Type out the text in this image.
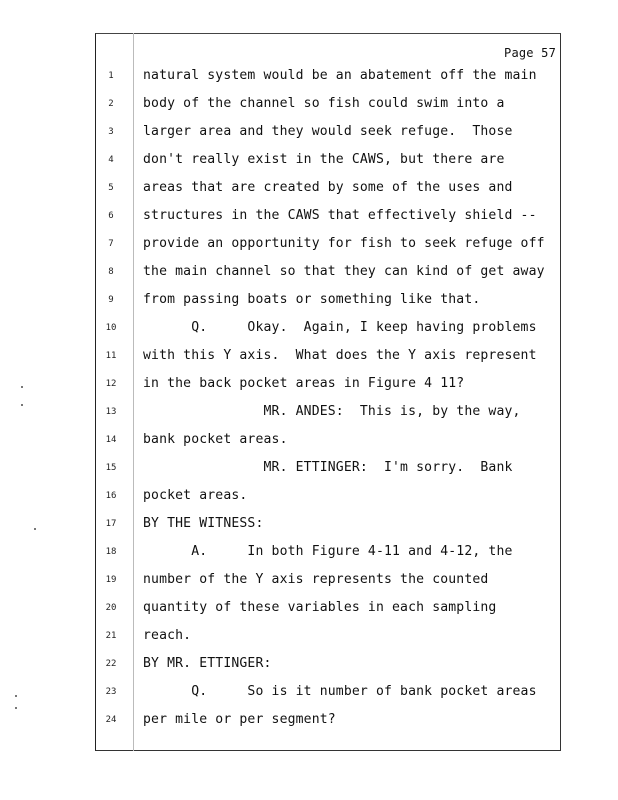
Page 57
1	natural system would be an abatement off the main
2	body of the channel so fish could swim into a
3	larger area and they would seek refuge.  Those
4	don't really exist in the CAWS, but there are
5	areas that are created by some of the uses and
6	structures in the CAWS that effectively shield --
7	provide an opportunity for fish to seek refuge off
8	the main channel so that they can kind of get away
9	from passing boats or something like that.
10	Q.     Okay.  Again, I keep having problems
11	with this Y axis.  What does the Y axis represent
12	in the back pocket areas in Figure 4 11?
13	MR. ANDES:  This is, by the way,
14	bank pocket areas.
15	MR. ETTINGER:  I'm sorry.  Bank
16	pocket areas.
17	BY THE WITNESS:
18	A.     In both Figure 4-11 and 4-12, the
19	number of the Y axis represents the counted
20	quantity of these variables in each sampling
21	reach.
22	BY MR. ETTINGER:
23	Q.     So is it number of bank pocket areas
24	per mile or per segment?
